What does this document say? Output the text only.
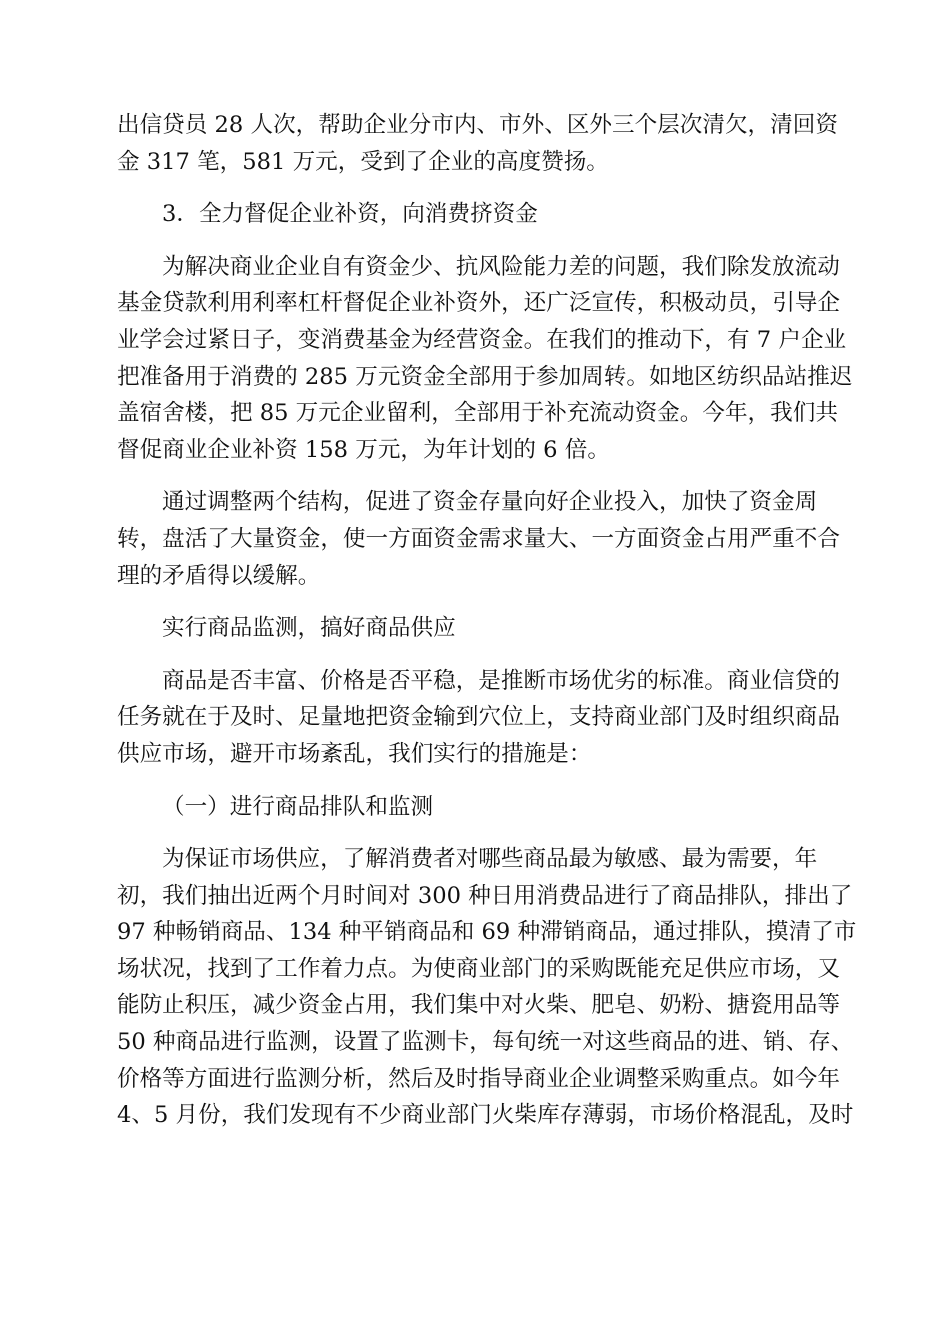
出信贷员 28 人次，帮助企业分市内、市外、区外三个层次清欠，清回资
金 317 笔，581 万元，受到了企业的高度赞扬。
3．全力督促企业补资，向消费挤资金
为解决商业企业自有资金少、抗风险能力差的问题，我们除发放流动
基金贷款利用利率杠杆督促企业补资外，还广泛宣传，积极动员，引导企
业学会过紧日子，变消费基金为经营资金。在我们的推动下，有 7 户企业
把准备用于消费的 285 万元资金全部用于参加周转。如地区纺织品站推迟
盖宿舍楼，把 85 万元企业留利，全部用于补充流动资金。今年，我们共
督促商业企业补资 158 万元，为年计划的 6 倍。
通过调整两个结构，促进了资金存量向好企业投入，加快了资金周
转，盘活了大量资金，使一方面资金需求量大、一方面资金占用严重不合
理的矛盾得以缓解。
实行商品监测，搞好商品供应
商品是否丰富、价格是否平稳，是推断市场优劣的标准。商业信贷的
任务就在于及时、足量地把资金输到穴位上，支持商业部门及时组织商品
供应市场，避开市场紊乱，我们实行的措施是：
（一）进行商品排队和监测
为保证市场供应，了解消费者对哪些商品最为敏感、最为需要，年
初，我们抽出近两个月时间对 300 种日用消费品进行了商品排队，排出了
97 种畅销商品、134 种平销商品和 69 种滞销商品，通过排队，摸清了市
场状况，找到了工作着力点。为使商业部门的采购既能充足供应市场，又
能防止积压，减少资金占用，我们集中对火柴、肥皂、奶粉、搪瓷用品等
50 种商品进行监测，设置了监测卡，每旬统一对这些商品的进、销、存、
价格等方面进行监测分析，然后及时指导商业企业调整采购重点。如今年
4、5 月份，我们发现有不少商业部门火柴库存薄弱，市场价格混乱，及时
